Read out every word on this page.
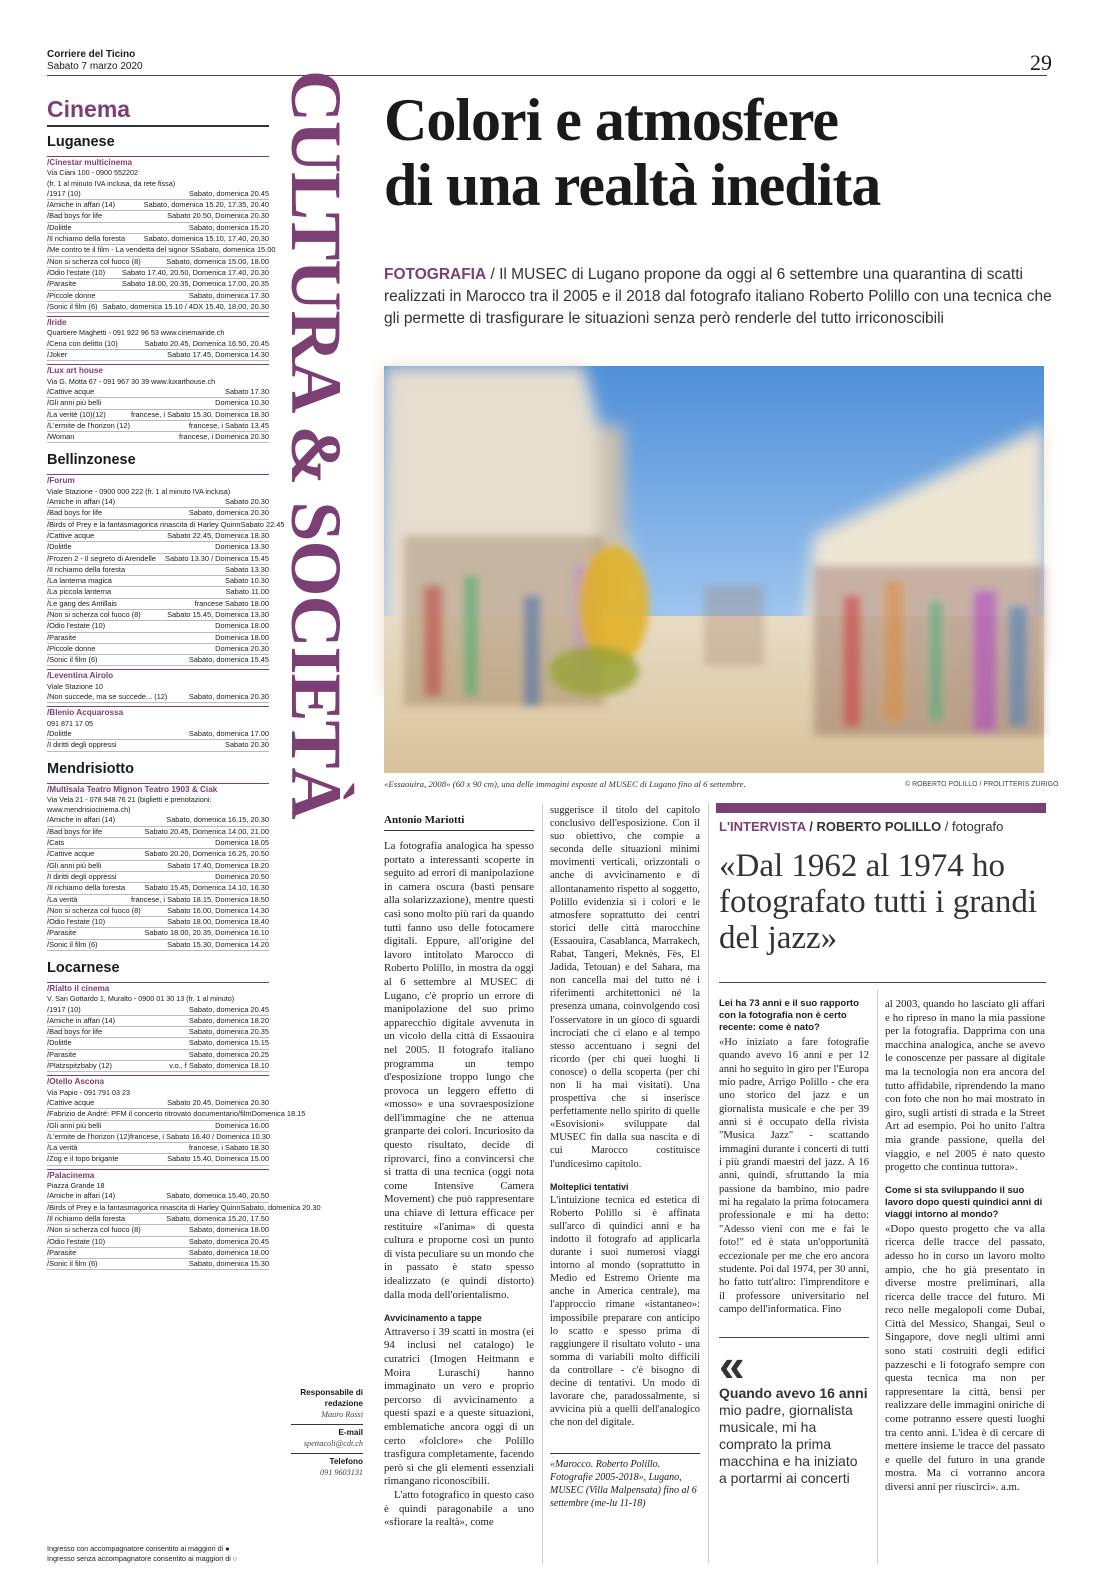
Corriere del Ticino
Sabato 7 marzo 2020	29
Cinema
Luganese
/Cinestar multicinema
Via Ciani 100 - 0900 552202
(fr. 1 al minuto IVA inclusa, da rete fissa)
/ 1917 (10)	Sabato, domenica 20.45
/ Amiche in affari (14)	Sabato, domenica 15.20, 17.35, 20.40
/ Bad boys for life	Sabato 20.50, Domenica 20.30
/ Dolittle	Sabato, domenica 15.20
/ Il richiamo della foresta	Sabato, domenica 15.10, 17.40, 20.30
/ Me contro te il film - La vendetta del signor S Sabato, domenica 15.00
/ Non si scherza col fuoco (8)	Sabato, domenica 15.00, 18.00
/ Odio l'estate (10) Sabato 17.40, 20.50, Domenica 17.40, 20.30
/ Parasite	Sabato 18.00, 20.35, Domenica 17.00, 20.35
/ Piccole donne	Sabato, domenica 17.30
/ Sonic il film (6) Sabato, domenica 15.10 / 4DX 15.40, 18.00, 20.30
/Iride
Quartiere Maghetti - 091 922 96 53 www.cinemairide.ch
/ Cena con delitto (10)	Sabato 20.45, Domenica 16.50, 20.45
/ Joker	Sabato 17.45, Domenica 14.30
/Lux art house
Via G. Motta 67 - 091 967 30 39 www.luxarthouse.ch
/ Cattive acque	Sabato 17.30
/ Gli anni più belli	Domenica 10.30
/ La verité (10)(12)	francese, i Sabato 15.30, Domenica 18.30
/ L'ermite de l'horizon (12)	francese, i Sabato 13.45
/ Woman	francese, i Domenica 20.30
Bellinzonese
/Forum
Viale Stazione - 0900 000 222 (fr. 1 al minuto IVA inclusa)
/ Amiche in affari (14)	Sabato 20.30
/ Bad boys for life	Sabato, domenica 20.30
/ Birds of Prey e la fantasmagorica rinascita di Harley Quinn Sabato 22.45
/ Cattive acque	Sabato 22.45, Domenica 18.30
/ Dolittle	Domenica 13.30
/ Frozen 2 - Il segreto di Arendelle Sabato 13.30 / Domenica 15.45
/ Il richiamo della foresta	Sabato 13.30
/ La lanterna magica	Sabato 10.30
/ La piccola lanterna	Sabato 11.00
/ Le gang des Antillais	francese Sabato 18.00
/ Non si scherza col fuoco (8)	Sabato 15.45, Domenica 13.30
/ Odio l'estate (10)	Domenica 18.00
/ Parasite	Domenica 18.00
/ Piccole donne	Domenica 20.30
/ Sonic il film (6)	Sabato, domenica 15.45
/Leventina Airolo
Viale Stazione 10
/ Non succede, ma se succede... (12)	Sabato, domenica 20.30
/Blenio Acquarossa
091 871 17 05
/ Dolittle	Sabato, domenica 17.00
/ I diritti degli oppressi	Sabato 20.30
Mendrisiotto
/Multisala Teatro Mignon Teatro 1903 & Ciak
Via Vela 21 - 078 948 76 21 (biglietti e prenotazioni: www.mendrisiocinema.ch)
/ Amiche in affari (14)	Sabato, domenica 16.15, 20.30
/ Bad boys for life	Sabato 20.45, Domenica 14.00, 21.00
/ Cats	Domenica 18.05
/ Cattive acque	Sabato 20.20, Domenica 16.25, 20.50
/ Gli anni più belli	Sabato 17.40, Domenica 18.20
/ I diritti degli oppressi	Domenica 20.50
/ Il richiamo della foresta	Sabato 15.45, Domenica 14.10, 16.30
/ La verità	francese, i Sabato 18.15, Domenica 18.50
/ Non si scherza col fuoco (8)	Sabato 16.00, Domenica 14.30
/ Odio l'estate (10)	Sabato 18.00, Domenica 18.40
/ Parasite	Sabato 18.00, 20.35, Domenica 16.10
/ Sonic il film (6)	Sabato 15.30, Domenica 14.20
Locarnese
/Rialto il cinema
V. San Gottardo 1, Muralto - 0900 01 30 13 (fr. 1 al minuto)
/ 1917 (10)	Sabato, domenica 20.45
/ Amiche in affari (14)	Sabato, domenica 18.20
/ Bad boys for life	Sabato, domenica 20.35
/ Dolittle	Sabato, domenica 15.15
/ Parasite	Sabato, domenica 20.25
/ Platzspitzbaby (12)	v.o., f Sabato, domenica 18.10
/Otello Ascona
Via Papio - 091 791 03 23
/ Cattive acque	Sabato 20.45, Domenica 20.30
/ Fabrizio de André: PFM il concerto ritrovato documentario/film Domenica 18.15
/ Gli anni più belli	Domenica 16.00
/ L'ermite de l'horizon (12) francese, i Sabato 16.40 / Domenica 10.30
/ La verità	francese, i Sabato 18.30
/ Zog e il topo brigante	Sabato 15.40, Domenica 15.00
/Palacinema
Piazza Grande 18
/ Amiche in affari (14)	Sabato, domenica 15.40, 20.50
/ Birds of Prey e la fantasmagorica rinascita di Harley Quinn Sabato, domenica 20.30
/ Il richiamo della foresta	Sabato, domenica 15.20, 17.50
/ Non si scherza col fuoco (8)	Sabato, domenica 18.00
/ Odio l'estate (10)	Sabato, domenica 20.45
/ Parasite	Sabato, domenica 18.00
/ Sonic il film (6)	Sabato, domenica 15.30
Ingresso con accompagnatore consentito ai maggiori di ●
Ingresso senza accompagnatore consentito ai maggiori di ○
Responsabile di redazione
Mauro Rossi
E-mail
spettacoli@cdt.ch
Telefono
091 9603131
CULTURA & SOCIETÀ Colori e atmosfere
di una realtà inedita
FOTOGRAFIA / Il MUSEC di Lugano propone da oggi al 6 settembre una quarantina di scatti realizzati in Marocco tra il 2005 e il 2018 dal fotografo italiano Roberto Polillo con una tecnica che gli permette di trasfigurare le situazioni senza però renderle del tutto irriconoscibili
«Essaouira, 2008» (60 x 90 cm), una delle immagini esposte al MUSEC di Lugano fino al 6 settembre.	© ROBERTO POLILLO / PROLITTERIS ZURIGO
Antonio Mariotti

La fotografia analogica ha spesso portato a interessanti scoperte in seguito ad errori di manipolazione in camera oscura (basti pensare alla solarizzazione), mentre questi casi sono molto più rari da quando tutti fanno uso delle fotocamere digitali. Eppure, all'origine del lavoro intitolato Marocco di Roberto Polillo, in mostra da oggi al 6 settembre al MUSEC di Lugano, c'è proprio un errore di manipolazione del suo primo apparecchio digitale avvenuta in un vicolo della città di Essaouira nel 2005. Il fotografo italiano programma un tempo d'esposizione troppo lungo che provoca un leggero effetto di «mosso» e una sovraesposizione dell'immagine che ne attenua granparte dei colori. Incuriosito da questo risultato, decide di riprovarci, fino a convincersi che si tratta di una tecnica (oggi nota come Intensive Camera Movement) che può rappresentare una chiave di lettura efficace per restituire «l'anima» di questa cultura e proporne così un punto di vista peculiare su un mondo che in passato è stato spesso idealizzato (e quindi distorto) dalla moda dell'orientalismo.

Avvicinamento a tappe

Attraverso i 39 scatti in mostra (ei 94 inclusi nel catalogo) le curatrici (Imogen Heitmann e Moira Luraschi) hanno immaginato un vero e proprio percorso di avvicinamento a questi spazi e a queste situazioni, emblematiche ancora oggi di un certo «folclore» che Polillo trasfigura completamente, facendo però sì che gli elementi essenziali rimangano riconoscibili.

L'atto fotografico in questo caso è quindi paragonabile a uno «sfiorare la realtà», come

suggerisce il titolo del capitolo conclusivo dell'esposizione. Con il suo obiettivo, che compie a seconda delle situazioni minimi movimenti verticali, orizzontali o anche di avvicinamento e di allontanamento rispetto al soggetto, Polillo evidenzia sì i colori e le atmosfere soprattutto dei centri storici delle città marocchine (Essaouira, Casablanca, Marrakech, Rabat, Tangeri, Meknès, Fès, El Jadida, Tetouan) e del Sahara, ma non cancella mai del tutto né i riferimenti architettonici né la presenza umana, coinvolgendo così l'osservatore in un gioco di sguardi incrociati che ci elano e al tempo stesso accentuano i segni del ricordo (per chi quei luoghi li conosce) o della scoperta (per chi non li ha mai visitati). Una prospettiva che si inserisce perfettamente nello spirito di quelle «Esovisioni» sviluppate dal MUSEC fin dalla sua nascita e di cui Marocco costituisce l'undicesimo capitolo.

Molteplici tentativi

L'intuizione tecnica ed estetica di Roberto Polillo si è affinata sull'arco di quindici anni e ha indotto il fotografo ad applicarla durante i suoi numerosi viaggi intorno al mondo (soprattutto in Medio ed Estremo Oriente ma anche in America centrale), ma l'approccio rimane «istantaneo»: impossibile preparare con anticipo lo scatto e spesso prima di raggiungere il risultato voluto - una somma di variabili molto difficili da controllare - c'è bisogno di decine di tentativi. Un modo di lavorare che, paradossalmente, si avvicina più a quelli dell'analogico che non del digitale.

«Marocco. Roberto Polillo. Fotografie 2005-2018», Lugano, MUSEC (Villa Malpensata) fino al 6 settembre (me-lu 11-18)
L'INTERVISTA / ROBERTO POLILLO / fotografo
«Dal 1962 al 1974 ho fotografato tutti i grandi del jazz»
Lei ha 73 anni e il suo rapporto con la fotografia non è certo recente: come è nato?

«Ho iniziato a fare fotografie quando avevo 16 anni e per 12 anni ho seguito in giro per l'Europa mio padre, Arrigo Polillo - che era uno storico del jazz e un giornalista musicale e che per 39 anni si è occupato della rivista "Musica Jazz" - scattando immagini durante i concerti di tutti i più grandi maestri del jazz. A 16 anni, quindi, sfruttando la mia passione da bambino, mio padre mi ha regalato la prima fotocamera professionale e mi ha detto: "Adesso vieni con me e fai le foto!" ed è stata un'opportunità eccezionale per me che ero ancora studente. Poi dal 1974, per 30 anni, ho fatto tutt'altro: l'imprenditore e il professore universitario nel campo dell'informatica. Fino

«
Quando avevo 16 anni mio padre, giornalista musicale, mi ha comprato la prima macchina e ha iniziato a portarmi ai concerti

al 2003, quando ho lasciato gli affari e ho ripreso in mano la mia passione per la fotografia. Dapprima con una macchina analogica, anche se avevo le conoscenze per passare al digitale ma la tecnologia non era ancora del tutto affidabile, riprendendo la mano con foto che non ho mai mostrato in giro, sugli artisti di strada e la Street Art ad esempio. Poi ho unito l'altra mia grande passione, quella del viaggio, e nel 2005 è nato questo progetto che continua tuttora».

Come si sta sviluppando il suo lavoro dopo questi quindici anni di viaggi intorno al mondo?

«Dopo questo progetto che va alla ricerca delle tracce del passato, adesso ho in corso un lavoro molto ampio, che ho già presentato in diverse mostre preliminari, alla ricerca delle tracce del futuro. Mi reco nelle megalopoli come Dubai, Città del Messico, Shangai, Seul o Singapore, dove negli ultimi anni sono stati costruiti degli edifici pazzeschi e li fotografo sempre con questa tecnica ma non per rappresentare la città, bensì per realizzare delle immagini oniriche di come potranno essere questi luoghi tra cento anni. L'idea è di cercare di mettere insieme le tracce del passato e quelle del futuro in una grande mostra. Ma ci vorranno ancora diversi anni per riuscirci». a.m.
